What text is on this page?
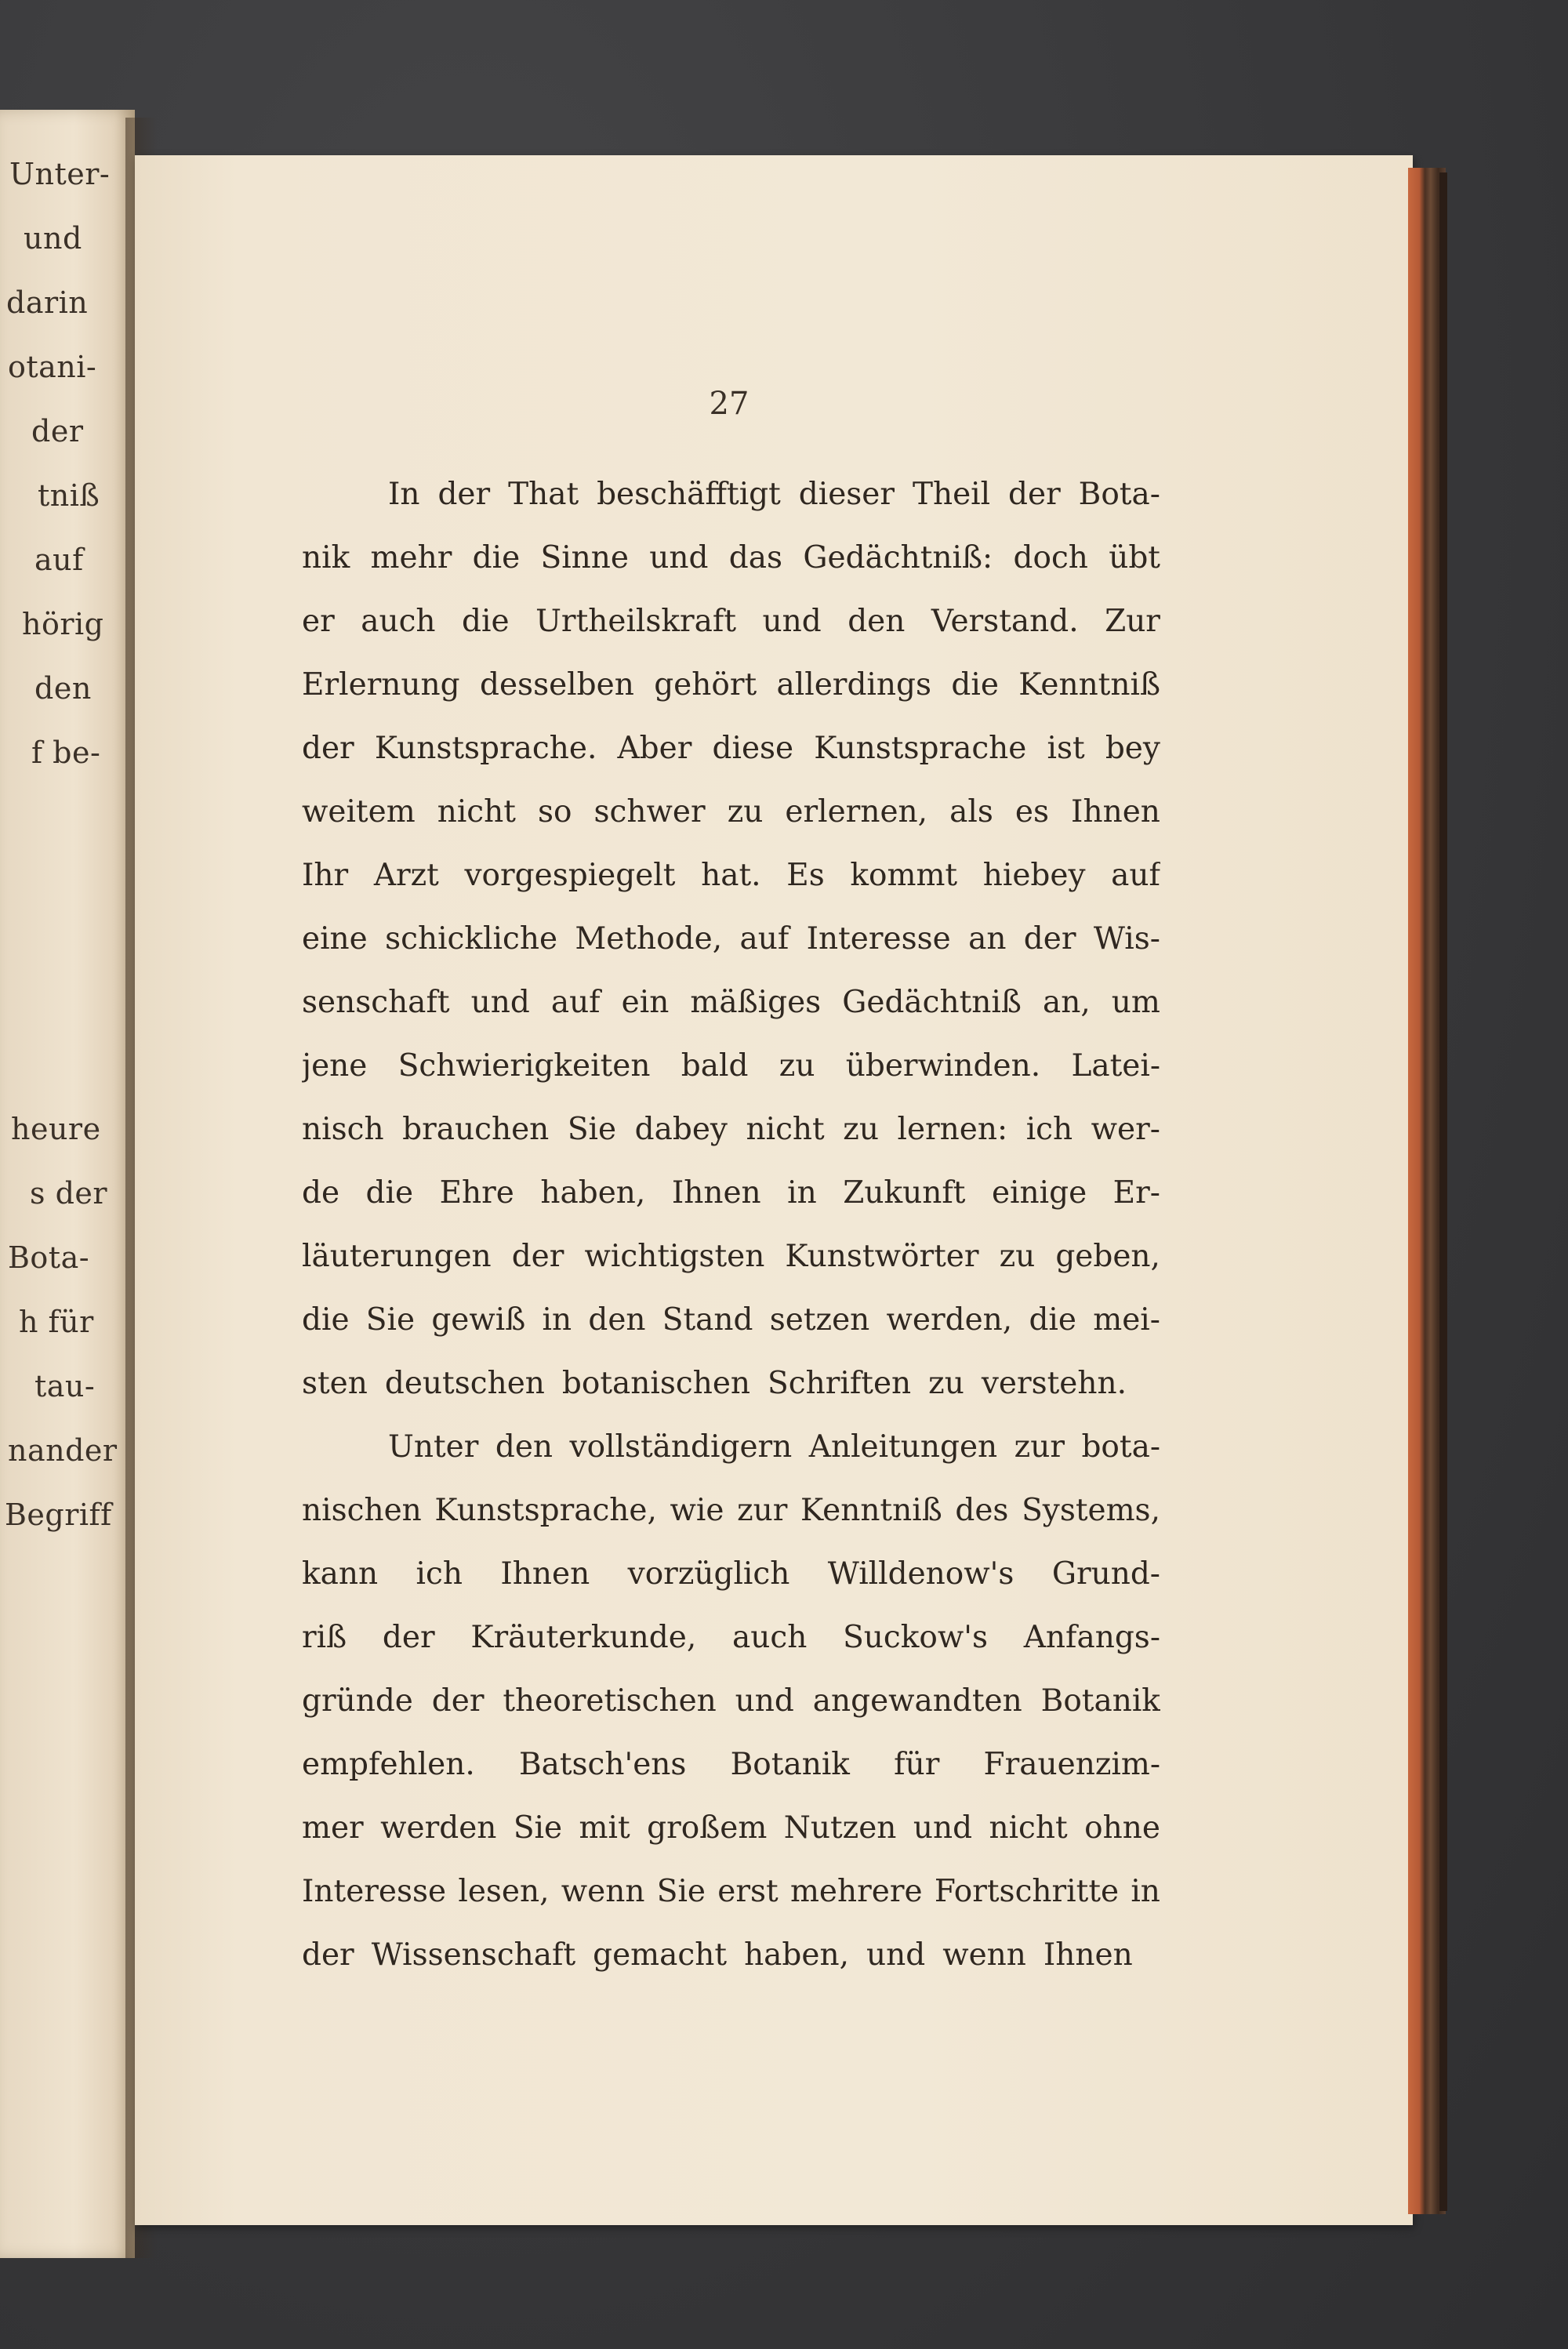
Unter-
und
darin
otani-
der
tniß
auf
hörig
den
f be-
heure
s der
Bota-
h für
tau-
nander
Begriff
27
In der That beschäfftigt dieser Theil der Bota-
nik mehr die Sinne und das Gedächtniß: doch übt
er auch die Urtheilskraft und den Verstand. Zur
Erlernung desselben gehört allerdings die Kenntniß
der Kunstsprache. Aber diese Kunstsprache ist bey
weitem nicht so schwer zu erlernen, als es Ihnen
Ihr Arzt vorgespiegelt hat. Es kommt hiebey auf
eine schickliche Methode, auf Interesse an der Wis-
senschaft und auf ein mäßiges Gedächtniß an, um
jene Schwierigkeiten bald zu überwinden. Latei-
nisch brauchen Sie dabey nicht zu lernen: ich wer-
de die Ehre haben, Ihnen in Zukunft einige Er-
läuterungen der wichtigsten Kunstwörter zu geben,
die Sie gewiß in den Stand setzen werden, die mei-
sten deutschen botanischen Schriften zu verstehn.
Unter den vollständigern Anleitungen zur bota-
nischen Kunstsprache, wie zur Kenntniß des Systems,
kann ich Ihnen vorzüglich Willdenow's Grund-
riß der Kräuterkunde, auch Suckow's Anfangs-
gründe der theoretischen und angewandten Botanik
empfehlen. Batsch'ens Botanik für Frauenzim-
mer werden Sie mit großem Nutzen und nicht ohne
Interesse lesen, wenn Sie erst mehrere Fortschritte in
der Wissenschaft gemacht haben, und wenn Ihnen
